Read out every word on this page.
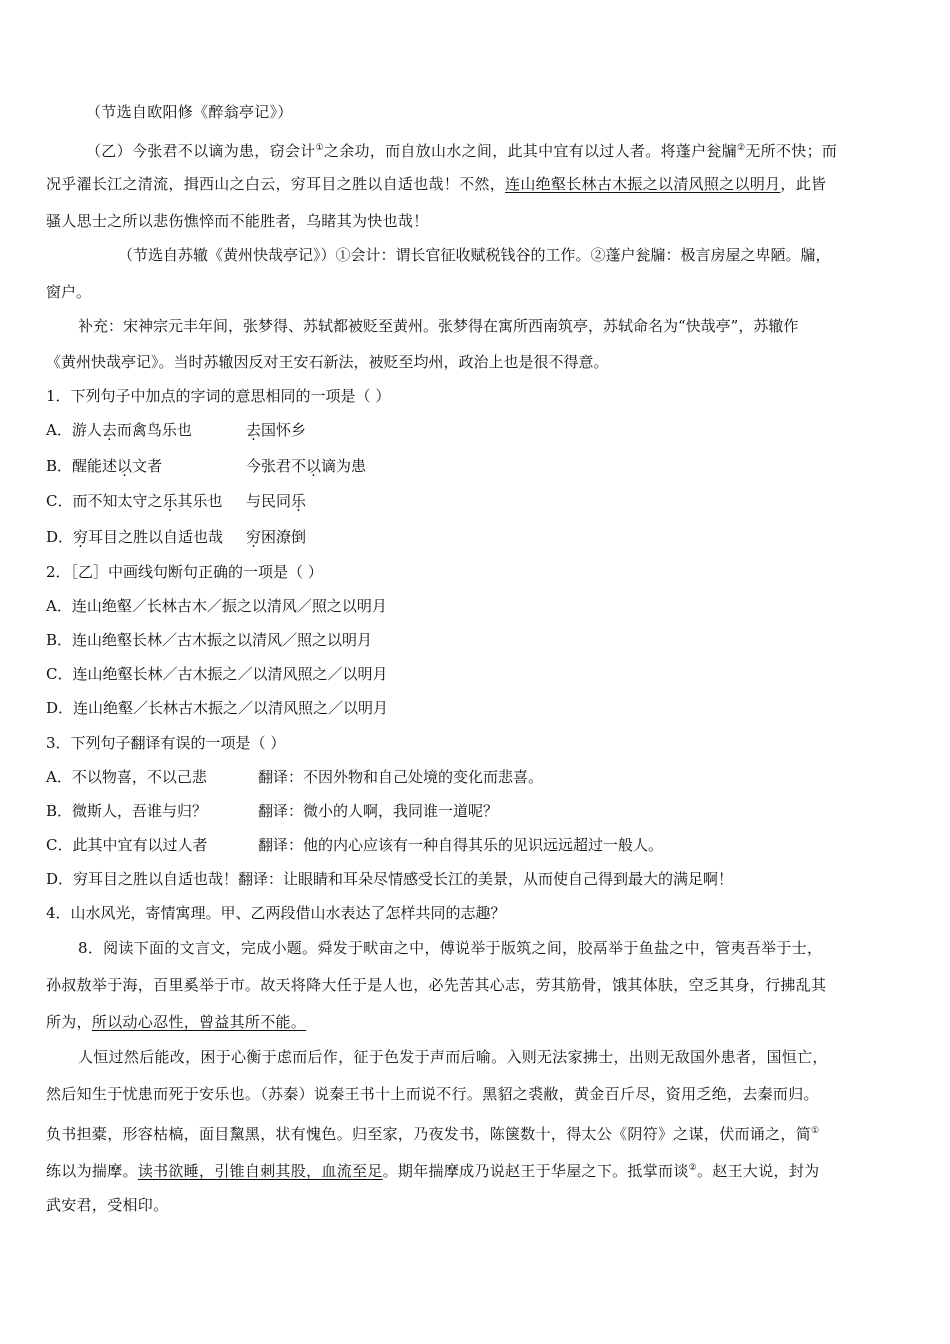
（节选自欧阳修《醉翁亭记》）
（乙）今张君不以谪为患，窃会计①之余功，而自放山水之间，此其中宜有以过人者。将蓬户瓮牖②无所不快；而
况乎濯长江之清流，揖西山之白云，穷耳目之胜以自适也哉！不然，连山绝壑长林古木振之以清风照之以明月，此皆
骚人思士之所以悲伤憔悴而不能胜者，乌睹其为快也哉！
（节选自苏辙《黄州快哉亭记》）①会计：谓长官征收赋税钱谷的工作。②蓬户瓮牖：极言房屋之卑陋。牖，
窗户。
补充：宋神宗元丰年间，张梦得、苏轼都被贬至黄州。张梦得在寓所西南筑亭，苏轼命名为“快哉亭”，苏辙作
《黄州快哉亭记》。当时苏辙因反对王安石新法，被贬至均州，政治上也是很不得意。
1．下列句子中加点的字词的意思相同的一项是（ ）
A．游人去而禽鸟乐也	去国怀乡
B．醒能述以文者	今张君不以谪为患
C．而不知太守之乐其乐也 与民同乐
D．穷耳目之胜以自适也哉 穷困潦倒
2．［乙］中画线句断句正确的一项是（ ）
A．连山绝壑／长林古木／振之以清风／照之以明月
B．连山绝壑长林／古木振之以清风／照之以明月
C．连山绝壑长林／古木振之／以清风照之／以明月
D．连山绝壑／长林古木振之／以清风照之／以明月
3．下列句子翻译有误的一项是（ ）
A．不以物喜，不以己悲	翻译：不因外物和自己处境的变化而悲喜。
B．微斯人，吾谁与归？	翻译：微小的人啊，我同谁一道呢？
C．此其中宜有以过人者	翻译：他的内心应该有一种自得其乐的见识远远超过一般人。
D．穷耳目之胜以自适也哉！翻译：让眼睛和耳朵尽情感受长江的美景，从而使自己得到最大的满足啊！
4．山水风光，寄情寓理。甲、乙两段借山水表达了怎样共同的志趣？
8．阅读下面的文言文，完成小题。舜发于畎亩之中，傅说举于版筑之间，胶鬲举于鱼盐之中，管夷吾举于士，
孙叔敖举于海，百里奚举于市。故天将降大任于是人也，必先苦其心志，劳其筋骨，饿其体肤，空乏其身，行拂乱其
所为，所以动心忍性，曾益其所不能。
人恒过然后能改，困于心衡于虑而后作，征于色发于声而后喻。入则无法家拂士，出则无敌国外患者，国恒亡，
然后知生于忧患而死于安乐也。（苏秦）说秦王书十上而说不行。黑貂之裘敝，黄金百斤尽，资用乏绝，去秦而归。
负书担橐，形容枯槁，面目黧黑，状有愧色。归至家，乃夜发书，陈箧数十，得太公《阴符》之谋，伏而诵之，简①
练以为揣摩。读书欲睡，引锥自刺其股，血流至足。期年揣摩成乃说赵王于华屋之下。抵掌而谈②。赵王大说，封为
武安君，受相印。
